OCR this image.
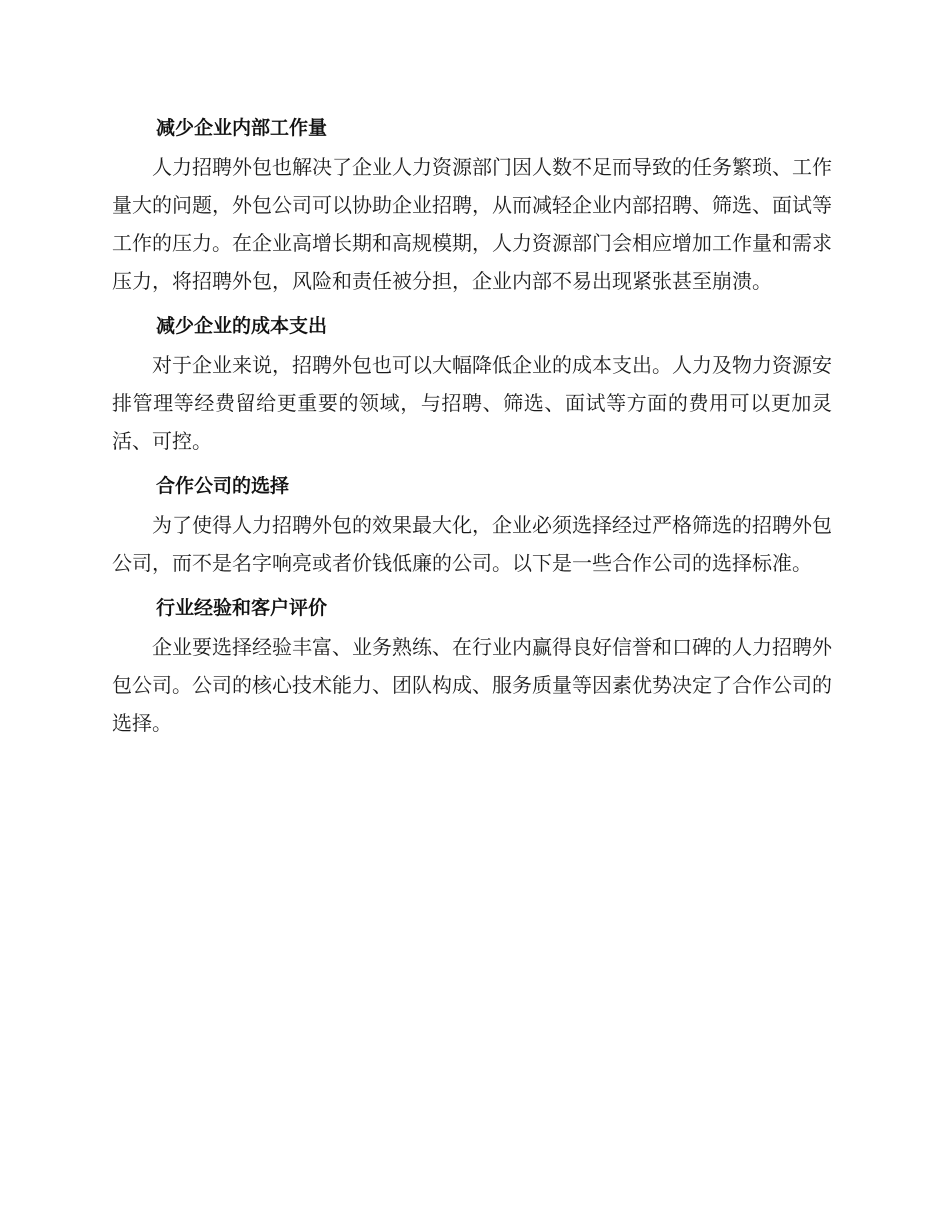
减少企业内部工作量

人力招聘外包也解决了企业人力资源部门因人数不足而导致的任务繁琐、工作量大的问题，外包公司可以协助企业招聘，从而减轻企业内部招聘、筛选、面试等工作的压力。在企业高增长期和高规模期，人力资源部门会相应增加工作量和需求压力，将招聘外包，风险和责任被分担，企业内部不易出现紧张甚至崩溃。

减少企业的成本支出

对于企业来说，招聘外包也可以大幅降低企业的成本支出。人力及物力资源安排管理等经费留给更重要的领域，与招聘、筛选、面试等方面的费用可以更加灵活、可控。

合作公司的选择

为了使得人力招聘外包的效果最大化，企业必须选择经过严格筛选的招聘外包公司，而不是名字响亮或者价钱低廉的公司。以下是一些合作公司的选择标准。

行业经验和客户评价

企业要选择经验丰富、业务熟练、在行业内赢得良好信誉和口碑的人力招聘外包公司。公司的核心技术能力、团队构成、服务质量等因素优势决定了合作公司的选择。
